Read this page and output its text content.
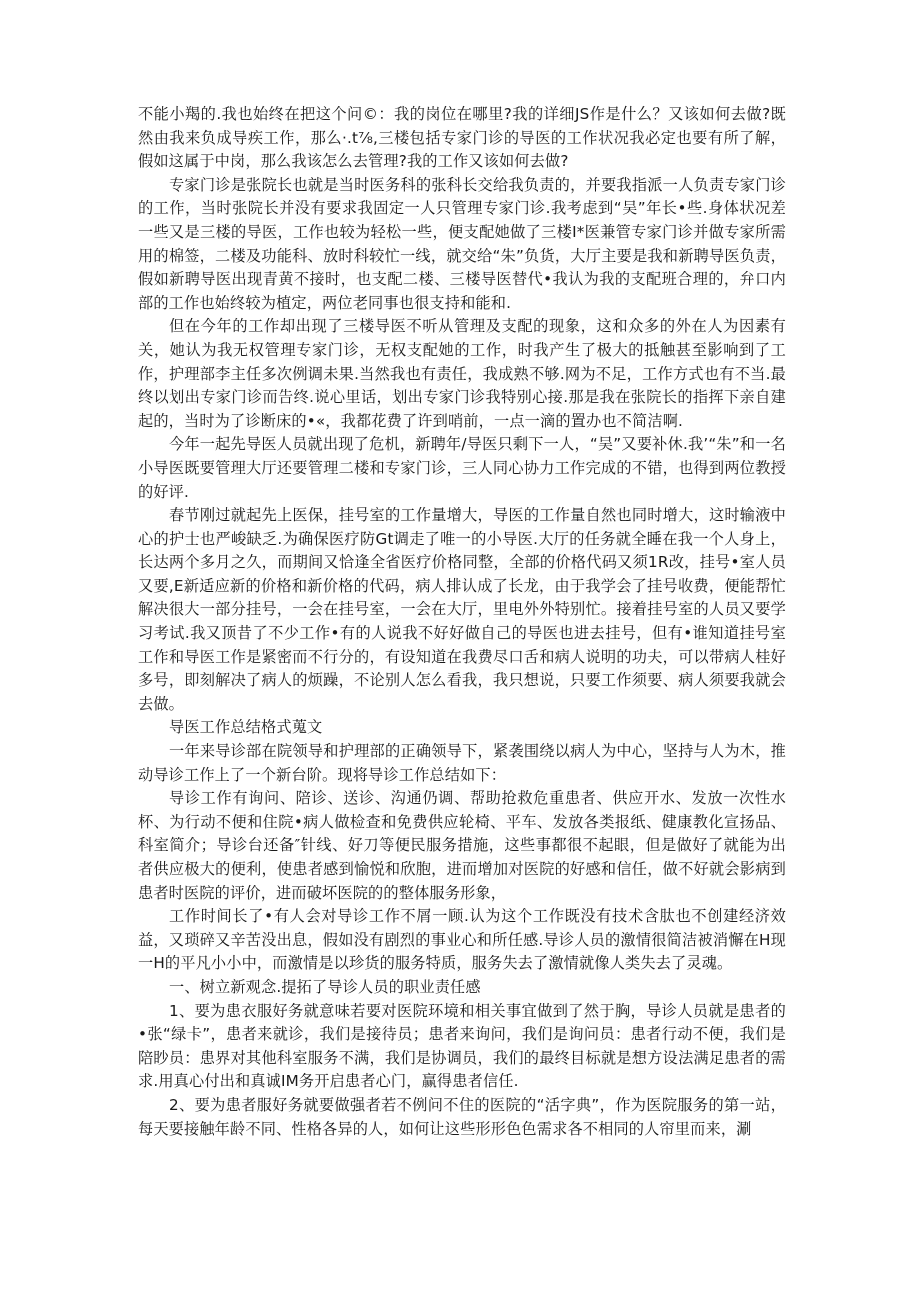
不能小羯的.我也始终在把这个问©：我的岗位在哪里?我的详细JS作是什么？又该如何去做?既然由我来负成导疾工作，那么·.t⅞,三楼包括专家门诊的导医的工作状况我必定也要有所了解，假如这属于中岗，那么我该怎么去管理?我的工作又该如何去做?

专家门诊是张院长也就是当时医务科的张科长交给我负责的，并要我指派一人负责专家门诊的工作，当时张院长并没有要求我固定一人只管理专家门诊.我考虑到“吴”年长•些.身体状况差一些又是三楼的导医，工作也较为轻松一些，便支配她做了三楼I*医兼管专家门诊并做专家所需用的棉签，二楼及功能科、放时科较忙一线，就交给“朱”负货，大厅主要是我和新聘导医负责，假如新聘导医出现青黄不接时，也支配二楼、三楼导医替代•我认为我的支配班合理的，弁口内部的工作也始终较为植定，两位老同事也很支持和能和.

但在今年的工作却出现了三楼导医不听从管理及支配的现象，这和众多的外在人为因素有关，她认为我无权管理专家门诊，无权支配她的工作，时我产生了极大的抵触甚至影响到了工作，护理部李主任多次例调未果.当然我也有责任，我成熟不够.网为不足，工作方式也有不当.最终以划出专家门诊而告终.说心里话，划出专家门诊我特别心接.那是我在张院长的指挥下亲自建起的，当时为了诊断床的•«，我都花费了许到哨前，一点一滴的置办也不简洁啊.

今年一起先导医人员就出现了危机，新聘年/导医只剩下一人，“吴”又要补休.我’“朱”和一名小导医既要管理大厅还要管理二楼和专家门诊，三人同心协力工作完成的不错，也得到两位教授的好评.

春节刚过就起先上医保，挂号室的工作量增大，导医的工作量自然也同时增大，这时输液中心的护士也严峻缺乏.为确保医疗防Gt调走了唯一的小导医.大厅的任务就全睡在我一个人身上，长达两个多月之久，而期间又恰逢全省医疗价格同整，全部的价格代码又须1R改，挂号•室人员又要,E新适应新的价格和新价格的代码，病人排认成了长龙，由于我学会了挂号收费，便能帮忙解决很大一部分挂号，一会在挂号室，一会在大厅，里电外外特别忙。接着挂号室的人员又要学习考试.我又顶昔了不少工作•有的人说我不好好做自己的导医也进去挂号，但有•谁知道挂号室工作和导医工作是紧密而不行分的，有设知道在我费尽口舌和病人说明的功夫，可以带病人桂好多号，即刻解决了病人的烦躁，不论别人怎么看我，我只想说，只要工作须要、病人须要我就会去做。

导医工作总结格式蒐文

一年来导诊部在院领导和护理部的正确领导下，紧袭围绕以病人为中心，坚持与人为木，推动导诊工作上了一个新台阶。现将导诊工作总结如下：

导诊工作有询问、陪诊、送诊、沟通仍调、帮助抢救危重患者、供应开水、发放一次性水杯、为行动不便和住院•病人做检查和免费供应轮椅、平车、发放各类报纸、健康教化宣扬品、科室简介；导诊台还备″针线、好刀等便民服务措施，这些事都很不起眼，但是做好了就能为出者供应极大的便利，使患者感到愉悦和欣胞，进而增加对医院的好感和信任，做不好就会影病到患者时医院的评价，进而破坏医院的的整体服务形象，

工作时间长了•有人会对导诊工作不屑一顾.认为这个工作既没有技术含肽也不创建经济效益，又琐碎又辛苦没出息，假如没有剧烈的事业心和所任感.导诊人员的激情很简洁被消懈在H现一H的平凡小小中，而激情是以珍货的服务特质，服务失去了激情就像人类失去了灵魂。

一、树立新观念.提拓了导诊人员的职业责任感

1、要为患衣服好务就意味若要对医院环境和相关事宜做到了然于胸，导诊人员就是患者的•张“绿卡”，患者来就诊，我们是接待员；患者来询问，我们是询问员：患者行动不便，我们是陪眇员：患界对其他科室服务不满，我们是协调员，我们的最终目标就是想方设法满足患者的需求.用真心付出和真诚IM务开启患者心门，赢得患者信任.

2、要为患者服好务就要做强者若不例问不住的医院的“活字典”，作为医院服务的第一站，每天要接触年龄不同、性格各异的人，如何让这些形形色色需求各不相同的人帘里而来，涮
